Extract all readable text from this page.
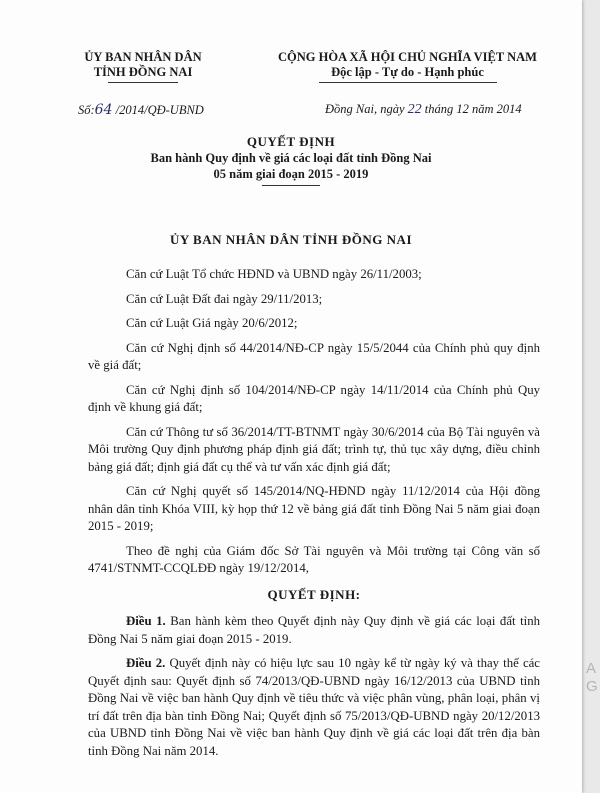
ỦY BAN NHÂN DÂN
TỈNH ĐỒNG NAI
CỘNG HÒA XÃ HỘI CHỦ NGHĨA VIỆT NAM
Độc lập - Tự do - Hạnh phúc
Số:64 /2014/QĐ-UBND	Đồng Nai, ngày 22 tháng 12 năm 2014
QUYẾT ĐỊNH
Ban hành Quy định về giá các loại đất tỉnh Đồng Nai
05 năm giai đoạn 2015 - 2019
ỦY BAN NHÂN DÂN TỈNH ĐỒNG NAI

Căn cứ Luật Tổ chức HĐND và UBND ngày 26/11/2003;

Căn cứ Luật Đất đai ngày 29/11/2013;

Căn cứ Luật Giá ngày 20/6/2012;

Căn cứ Nghị định số 44/2014/NĐ-CP ngày 15/5/2044 của Chính phủ quy định về giá đất;

Căn cứ Nghị định số 104/2014/NĐ-CP ngày 14/11/2014 của Chính phủ Quy định về khung giá đất;

Căn cứ Thông tư số 36/2014/TT-BTNMT ngày 30/6/2014 của Bộ Tài nguyên và Môi trường Quy định phương pháp định giá đất; trình tự, thủ tục xây dựng, điều chỉnh bảng giá đất; định giá đất cụ thể và tư vấn xác định giá đất;

Căn cứ Nghị quyết số 145/2014/NQ-HĐND ngày 11/12/2014 của Hội đồng nhân dân tỉnh Khóa VIII, kỳ họp thứ 12 về bảng giá đất tỉnh Đồng Nai 5 năm giai đoạn 2015 - 2019;

Theo đề nghị của Giám đốc Sở Tài nguyên và Môi trường tại Công văn số 4741/STNMT-CCQLĐĐ ngày 19/12/2014,

QUYẾT ĐỊNH:

Điều 1. Ban hành kèm theo Quyết định này Quy định về giá các loại đất tỉnh Đồng Nai 5 năm giai đoạn 2015 - 2019.

Điều 2. Quyết định này có hiệu lực sau 10 ngày kể từ ngày ký và thay thế các Quyết định sau: Quyết định số 74/2013/QĐ-UBND ngày 16/12/2013 của UBND tỉnh Đồng Nai về việc ban hành Quy định về tiêu thức và việc phân vùng, phân loại, phân vị trí đất trên địa bàn tỉnh Đồng Nai; Quyết định số 75/2013/QĐ-UBND ngày 20/12/2013 của UBND tỉnh Đồng Nai về việc ban hành Quy định về giá các loại đất trên địa bàn tỉnh Đồng Nai năm 2014.

A
G
